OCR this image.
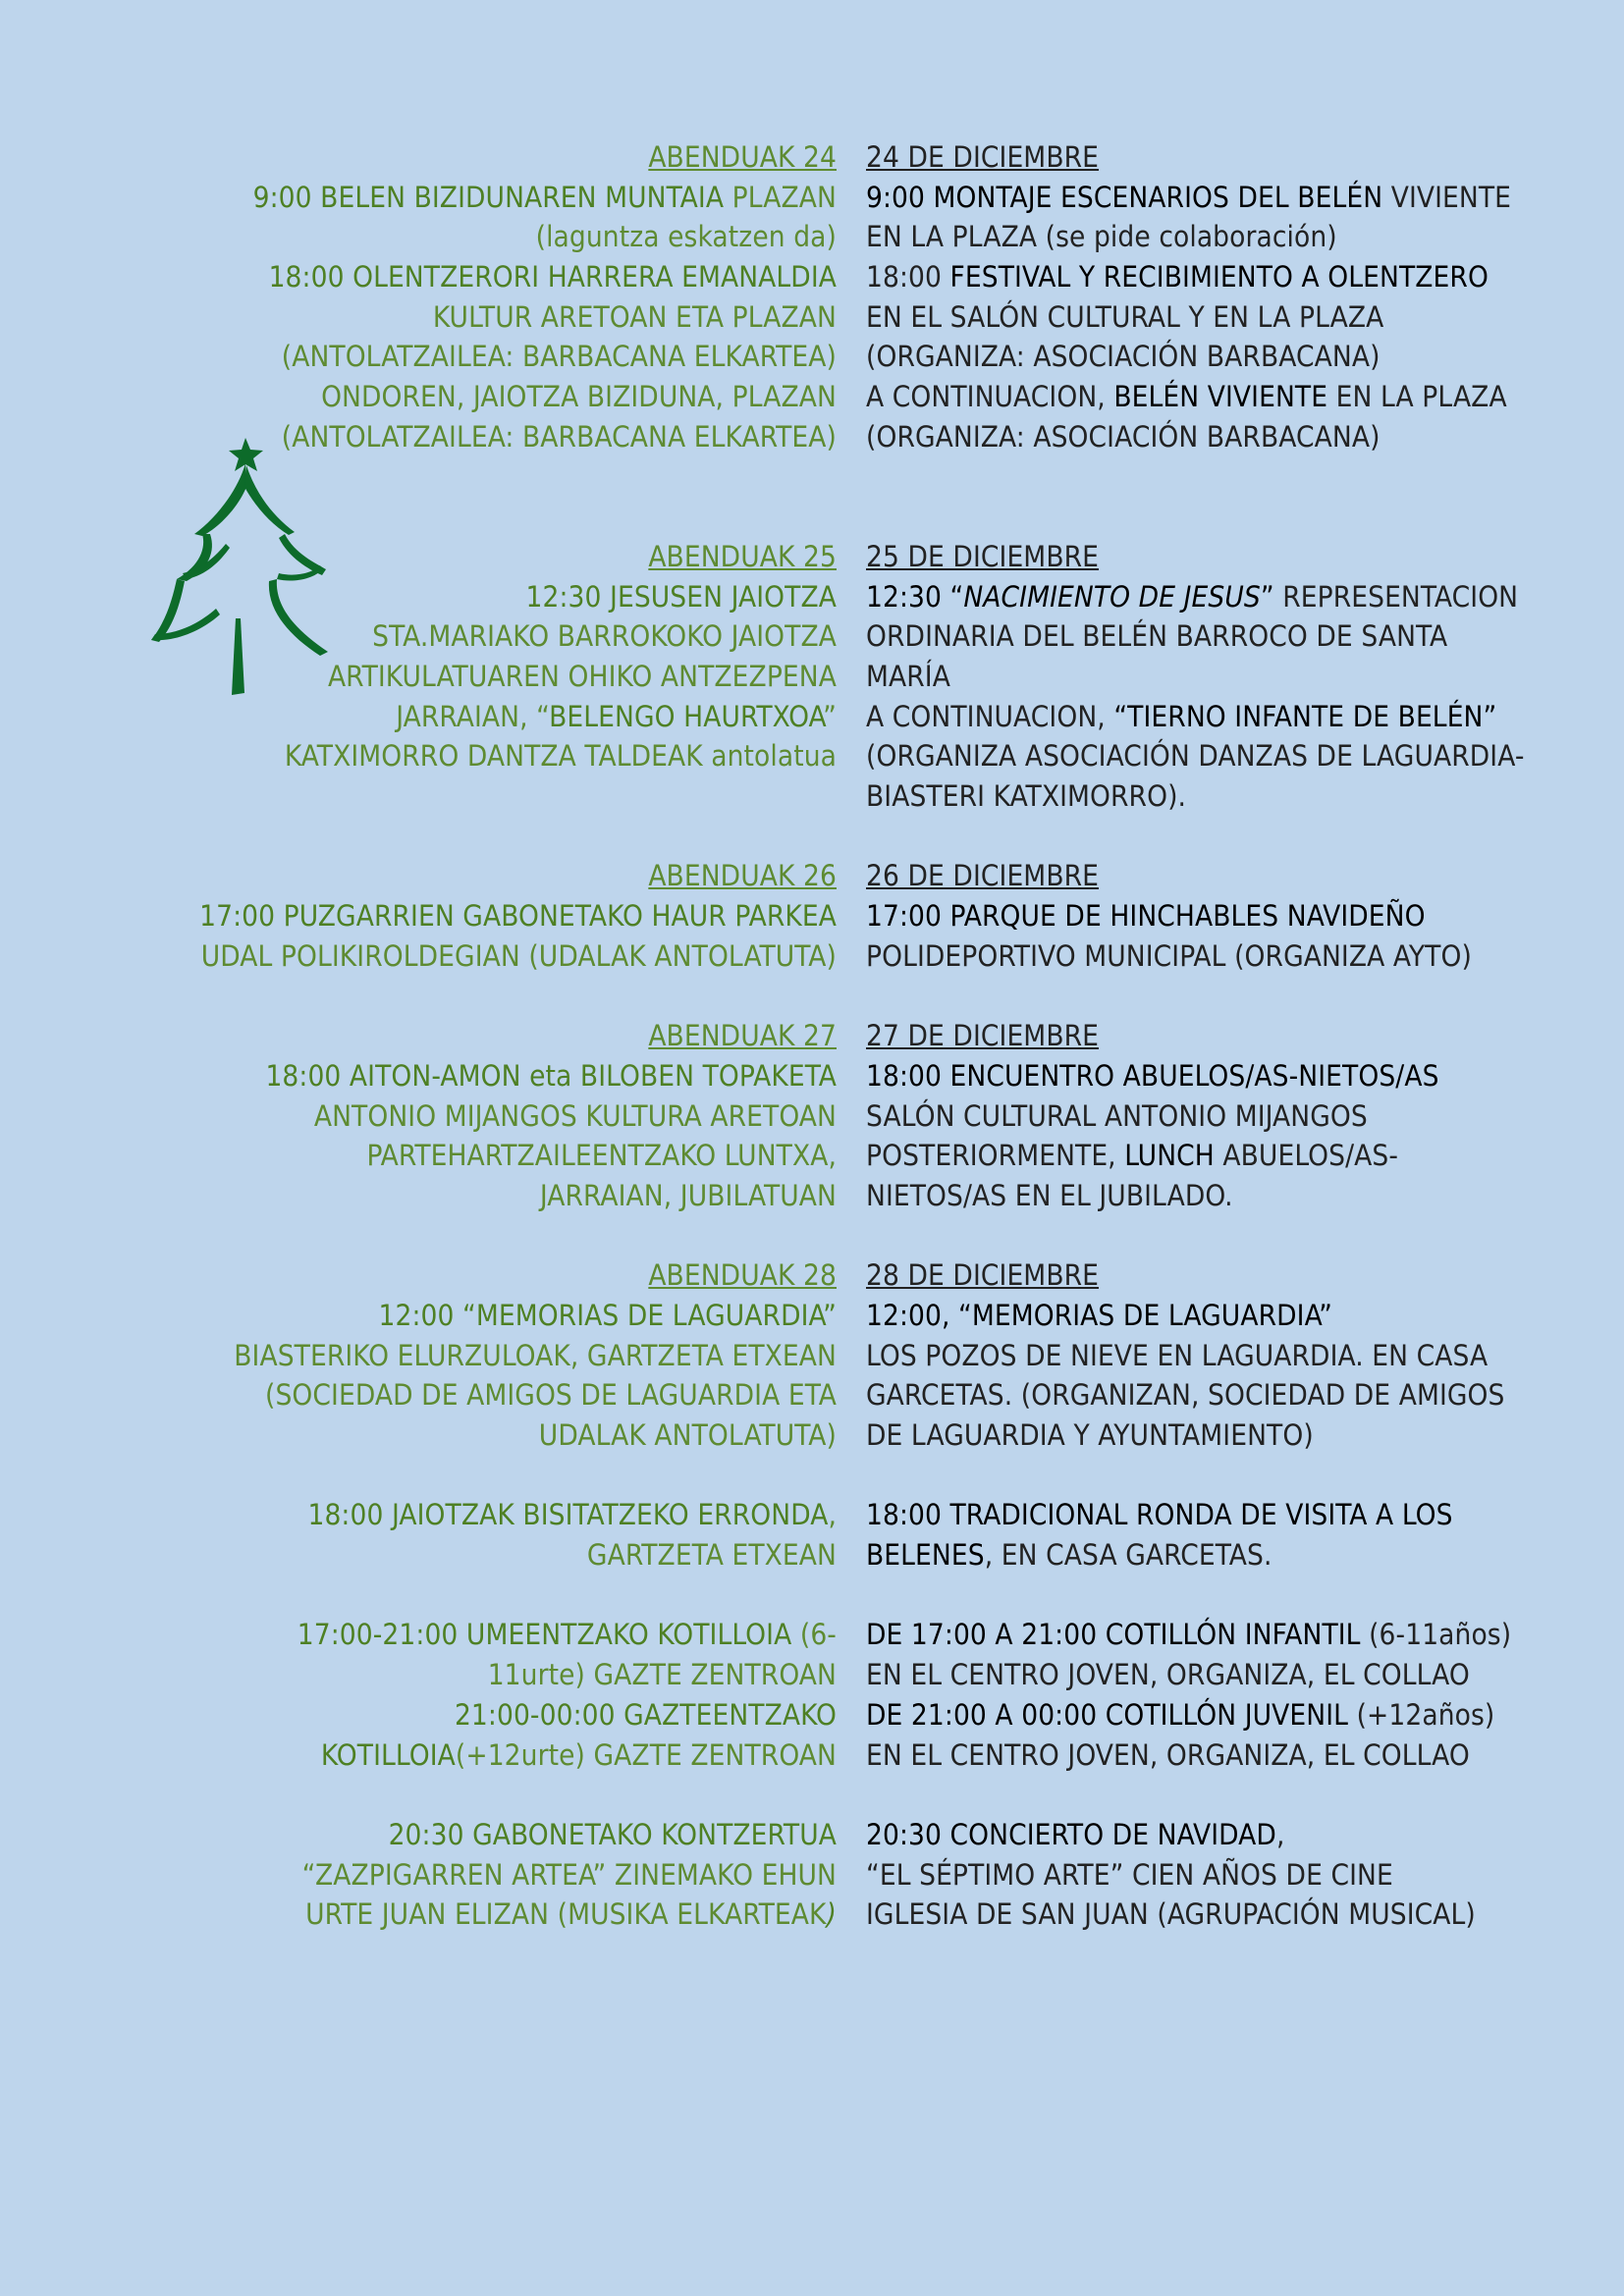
ABENDUAK 24
9:00 BELEN BIZIDUNAREN MUNTAIA PLAZAN
(laguntza eskatzen da)
18:00 OLENTZERORI HARRERA EMANALDIA
KULTUR ARETOAN ETA PLAZAN
(ANTOLATZAILEA: BARBACANA ELKARTEA)
ONDOREN, JAIOTZA BIZIDUNA, PLAZAN
(ANTOLATZAILEA: BARBACANA ELKARTEA)

ABENDUAK 25
12:30 JESUSEN JAIOTZA
STA.MARIAKO BARROKOKO JAIOTZA
ARTIKULATUAREN OHIKO ANTZEZPENA
JARRAIAN, “BELENGO HAURTXOA”
KATXIMORRO DANTZA TALDEAK antolatua

ABENDUAK 26
17:00 PUZGARRIEN GABONETAKO HAUR PARKEA
UDAL POLIKIROLDEGIAN (UDALAK ANTOLATUTA)

ABENDUAK 27
18:00 AITON-AMON eta BILOBEN TOPAKETA
ANTONIO MIJANGOS KULTURA ARETOAN
PARTEHARTZAILEENTZAKO LUNTXA,
JARRAIAN, JUBILATUAN

ABENDUAK 28
12:00 “MEMORIAS DE LAGUARDIA”
BIASTERIKO ELURZULOAK, GARTZETA ETXEAN
(SOCIEDAD DE AMIGOS DE LAGUARDIA ETA
UDALAK ANTOLATUTA)

18:00 JAIOTZAK BISITATZEKO ERRONDA,
GARTZETA ETXEAN

17:00-21:00 UMEENTZAKO KOTILLOIA (6-
11urte) GAZTE ZENTROAN
21:00-00:00 GAZTEENTZAKO
KOTILLOIA(+12urte) GAZTE ZENTROAN

20:30 GABONETAKO KONTZERTUA
“ZAZPIGARREN ARTEA” ZINEMAKO EHUN
URTE JUAN ELIZAN (MUSIKA ELKARTEAK)
24 DE DICIEMBRE
9:00 MONTAJE ESCENARIOS DEL BELÉN VIVIENTE
EN LA PLAZA (se pide colaboración)
18:00 FESTIVAL Y RECIBIMIENTO A OLENTZERO
EN EL SALÓN CULTURAL Y EN LA PLAZA
(ORGANIZA: ASOCIACIÓN BARBACANA)
A CONTINUACION, BELÉN VIVIENTE EN LA PLAZA
(ORGANIZA: ASOCIACIÓN BARBACANA)

25 DE DICIEMBRE
12:30 “NACIMIENTO DE JESUS” REPRESENTACION
ORDINARIA DEL BELÉN BARROCO DE SANTA
MARÍA
A CONTINUACION, “TIERNO INFANTE DE BELÉN”
(ORGANIZA ASOCIACIÓN DANZAS DE LAGUARDIA-
BIASTERI KATXIMORRO).

26 DE DICIEMBRE
17:00 PARQUE DE HINCHABLES NAVIDEÑO
POLIDEPORTIVO MUNICIPAL (ORGANIZA AYTO)

27 DE DICIEMBRE
18:00 ENCUENTRO ABUELOS/AS-NIETOS/AS
SALÓN CULTURAL ANTONIO MIJANGOS
POSTERIORMENTE, LUNCH ABUELOS/AS-
NIETOS/AS EN EL JUBILADO.

28 DE DICIEMBRE
12:00, “MEMORIAS DE LAGUARDIA”
LOS POZOS DE NIEVE EN LAGUARDIA. EN CASA
GARCETAS. (ORGANIZAN, SOCIEDAD DE AMIGOS
DE LAGUARDIA Y AYUNTAMIENTO)

18:00 TRADICIONAL RONDA DE VISITA A LOS
BELENES, EN CASA GARCETAS.

DE 17:00 A 21:00 COTILLÓN INFANTIL (6-11años)
EN EL CENTRO JOVEN, ORGANIZA, EL COLLAO
DE 21:00 A 00:00 COTILLÓN JUVENIL (+12años)
EN EL CENTRO JOVEN, ORGANIZA, EL COLLAO

20:30 CONCIERTO DE NAVIDAD,
“EL SÉPTIMO ARTE” CIEN AÑOS DE CINE
IGLESIA DE SAN JUAN (AGRUPACIÓN MUSICAL)
